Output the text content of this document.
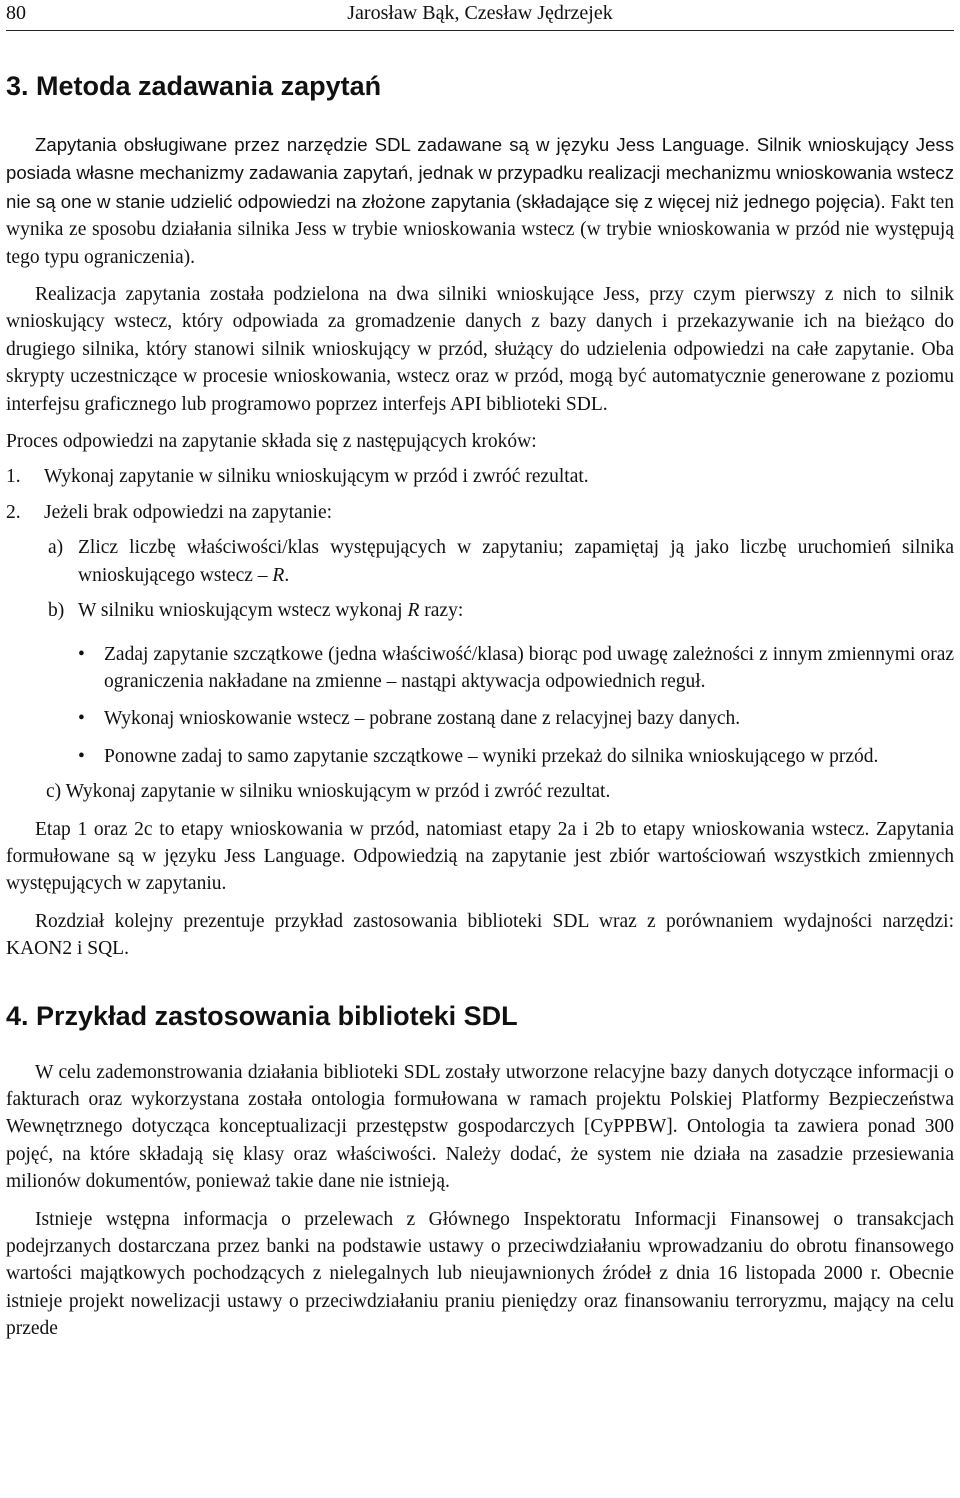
80	Jarosław Bąk, Czesław Jędrzejek
3. Metoda zadawania zapytań

Zapytania obsługiwane przez narzędzie SDL zadawane są w języku Jess Language. Silnik wnioskujący Jess posiada własne mechanizmy zadawania zapytań, jednak w przypadku realizacji mechanizmu wnioskowania wstecz nie są one w stanie udzielić odpowiedzi na złożone zapytania (składające się z więcej niż jednego pojęcia). Fakt ten wynika ze sposobu działania silnika Jess w trybie wnioskowania wstecz (w trybie wnioskowania w przód nie występują tego typu ograniczenia).

Realizacja zapytania została podzielona na dwa silniki wnioskujące Jess, przy czym pierwszy z nich to silnik wnioskujący wstecz, który odpowiada za gromadzenie danych z bazy danych i przekazywanie ich na bieżąco do drugiego silnika, który stanowi silnik wnioskujący w przód, służący do udzielenia odpowiedzi na całe zapytanie. Oba skrypty uczestniczące w procesie wnioskowania, wstecz oraz w przód, mogą być automatycznie generowane z poziomu interfejsu graficznego lub programowo poprzez interfejs API biblioteki SDL.

Proces odpowiedzi na zapytanie składa się z następujących kroków:

1. Wykonaj zapytanie w silniku wnioskującym w przód i zwróć rezultat.

2. Jeżeli brak odpowiedzi na zapytanie:

a) Zlicz liczbę właściwości/klas występujących w zapytaniu; zapamiętaj ją jako liczbę uruchomień silnika wnioskującego wstecz – R.

b) W silniku wnioskującym wstecz wykonaj R razy:

• Zadaj zapytanie szczątkowe (jedna właściwość/klasa) biorąc pod uwagę zależności z innym zmiennymi oraz ograniczenia nakładane na zmienne – nastąpi aktywacja odpowiednich reguł.

• Wykonaj wnioskowanie wstecz – pobrane zostaną dane z relacyjnej bazy danych.

• Ponowne zadaj to samo zapytanie szczątkowe – wyniki przekaż do silnika wnioskującego w przód.

c) Wykonaj zapytanie w silniku wnioskującym w przód i zwróć rezultat.

Etap 1 oraz 2c to etapy wnioskowania w przód, natomiast etapy 2a i 2b to etapy wnioskowania wstecz. Zapytania formułowane są w języku Jess Language. Odpowiedzią na zapytanie jest zbiór wartościowań wszystkich zmiennych występujących w zapytaniu.

Rozdział kolejny prezentuje przykład zastosowania biblioteki SDL wraz z porównaniem wydajności narzędzi: KAON2 i SQL.

4. Przykład zastosowania biblioteki SDL

W celu zademonstrowania działania biblioteki SDL zostały utworzone relacyjne bazy danych dotyczące informacji o fakturach oraz wykorzystana została ontologia formułowana w ramach projektu Polskiej Platformy Bezpieczeństwa Wewnętrznego dotycząca konceptualizacji przestępstw gospodarczych [CyPPBW]. Ontologia ta zawiera ponad 300 pojęć, na które składają się klasy oraz właściwości. Należy dodać, że system nie działa na zasadzie przesiewania milionów dokumentów, ponieważ takie dane nie istnieją.

Istnieje wstępna informacja o przelewach z Głównego Inspektoratu Informacji Finansowej o transakcjach podejrzanych dostarczana przez banki na podstawie ustawy o przeciwdziałaniu wprowadzaniu do obrotu finansowego wartości majątkowych pochodzących z nielegalnych lub nieujawnionych źródeł z dnia 16 listopada 2000 r. Obecnie istnieje projekt nowelizacji ustawy o przeciwdziałaniu praniu pieniędzy oraz finansowaniu terroryzmu, mający na celu przede
